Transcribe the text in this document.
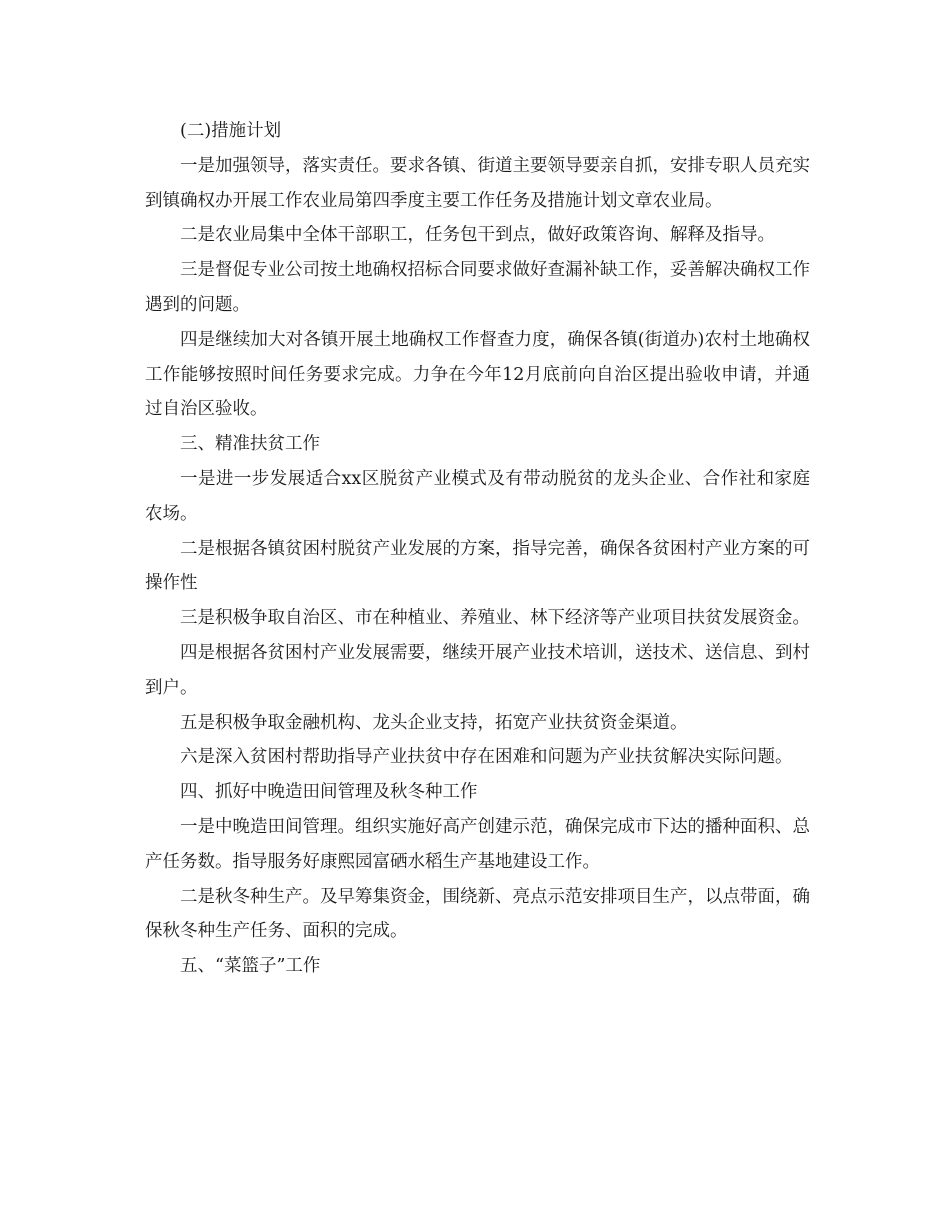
(二)措施计划

一是加强领导，落实责任。要求各镇、街道主要领导要亲自抓，安排专职人员充实到镇确权办开展工作农业局第四季度主要工作任务及措施计划文章农业局。

二是农业局集中全体干部职工，任务包干到点，做好政策咨询、解释及指导。

三是督促专业公司按土地确权招标合同要求做好查漏补缺工作，妥善解决确权工作遇到的问题。

四是继续加大对各镇开展土地确权工作督查力度，确保各镇(街道办)农村土地确权工作能够按照时间任务要求完成。力争在今年12月底前向自治区提出验收申请，并通过自治区验收。

三、精准扶贫工作

一是进一步发展适合xx区脱贫产业模式及有带动脱贫的龙头企业、合作社和家庭农场。

二是根据各镇贫困村脱贫产业发展的方案，指导完善，确保各贫困村产业方案的可操作性

三是积极争取自治区、市在种植业、养殖业、林下经济等产业项目扶贫发展资金。

四是根据各贫困村产业发展需要，继续开展产业技术培训，送技术、送信息、到村到户。

五是积极争取金融机构、龙头企业支持，拓宽产业扶贫资金渠道。

六是深入贫困村帮助指导产业扶贫中存在困难和问题为产业扶贫解决实际问题。

四、抓好中晚造田间管理及秋冬种工作

一是中晚造田间管理。组织实施好高产创建示范，确保完成市下达的播种面积、总产任务数。指导服务好康熙园富硒水稻生产基地建设工作。

二是秋冬种生产。及早筹集资金，围绕新、亮点示范安排项目生产，以点带面，确保秋冬种生产任务、面积的完成。

五、“菜篮子”工作
